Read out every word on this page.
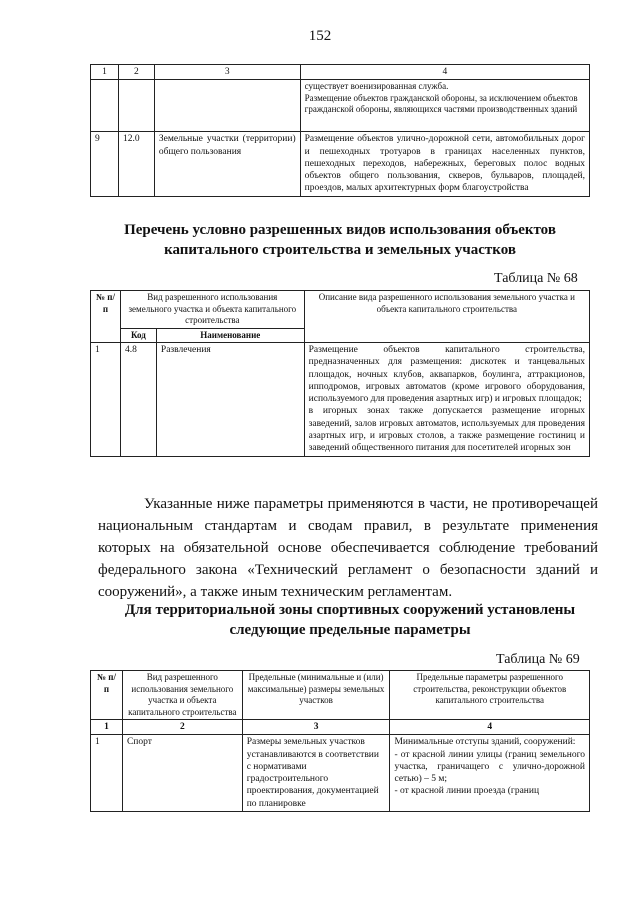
152
1	2	3	4
			существует военизированная служба.
Размещение объектов гражданской обороны, за исключением объектов гражданской обороны, являющихся частями производственных зданий
9	12.0	Земельные участки (территории) общего пользования	Размещение объектов улично-дорожной сети, автомобильных дорог и пешеходных тротуаров в границах населенных пунктов, пешеходных переходов, набережных, береговых полос водных объектов общего пользования, скверов, бульваров, площадей, проездов, малых архитектурных форм благоустройства
Перечень условно разрешенных видов использования объектов капитального строительства и земельных участков
Таблица № 68
№ п/п	Вид разрешенного использования земельного участка и объекта капитального строительства		Описание вида разрешенного использования земельного участка и объекта капитального строительства
	Код	Наименование	
1	4.8	Развлечения	Размещение объектов капитального строительства, предназначенных для размещения: дискотек и танцевальных площадок, ночных клубов, аквапарков, боулинга, аттракционов, ипподромов, игровых автоматов (кроме игрового оборудования, используемого для проведения азартных игр) и игровых площадок;
в игорных зонах также допускается размещение игорных заведений, залов игровых автоматов, используемых для проведения азартных игр, и игровых столов, а также размещение гостиниц и заведений общественного питания для посетителей игорных зон
Указанные ниже параметры применяются в части, не противоречащей национальным стандартам и сводам правил, в результате применения которых на обязательной основе обеспечивается соблюдение требований федерального закона «Технический регламент о безопасности зданий и сооружений», а также иным техническим регламентам.
Для территориальной зоны спортивных сооружений установлены следующие предельные параметры
Таблица № 69
№ п/п	Вид разрешенного использования земельного участка и объекта капитального строительства	Предельные (минимальные и (или) максимальные) размеры земельных участков	Предельные параметры разрешенного строительства, реконструкции объектов капитального строительства
1	2	3	4
1	Спорт	Размеры земельных участков устанавливаются в соответствии с нормативами градостроительного проектирования, документацией по планировке	Минимальные отступы зданий, сооружений:
- от красной линии улицы (границ земельного участка, граничащего с улично-дорожной сетью) – 5 м;
- от красной линии проезда (границ
